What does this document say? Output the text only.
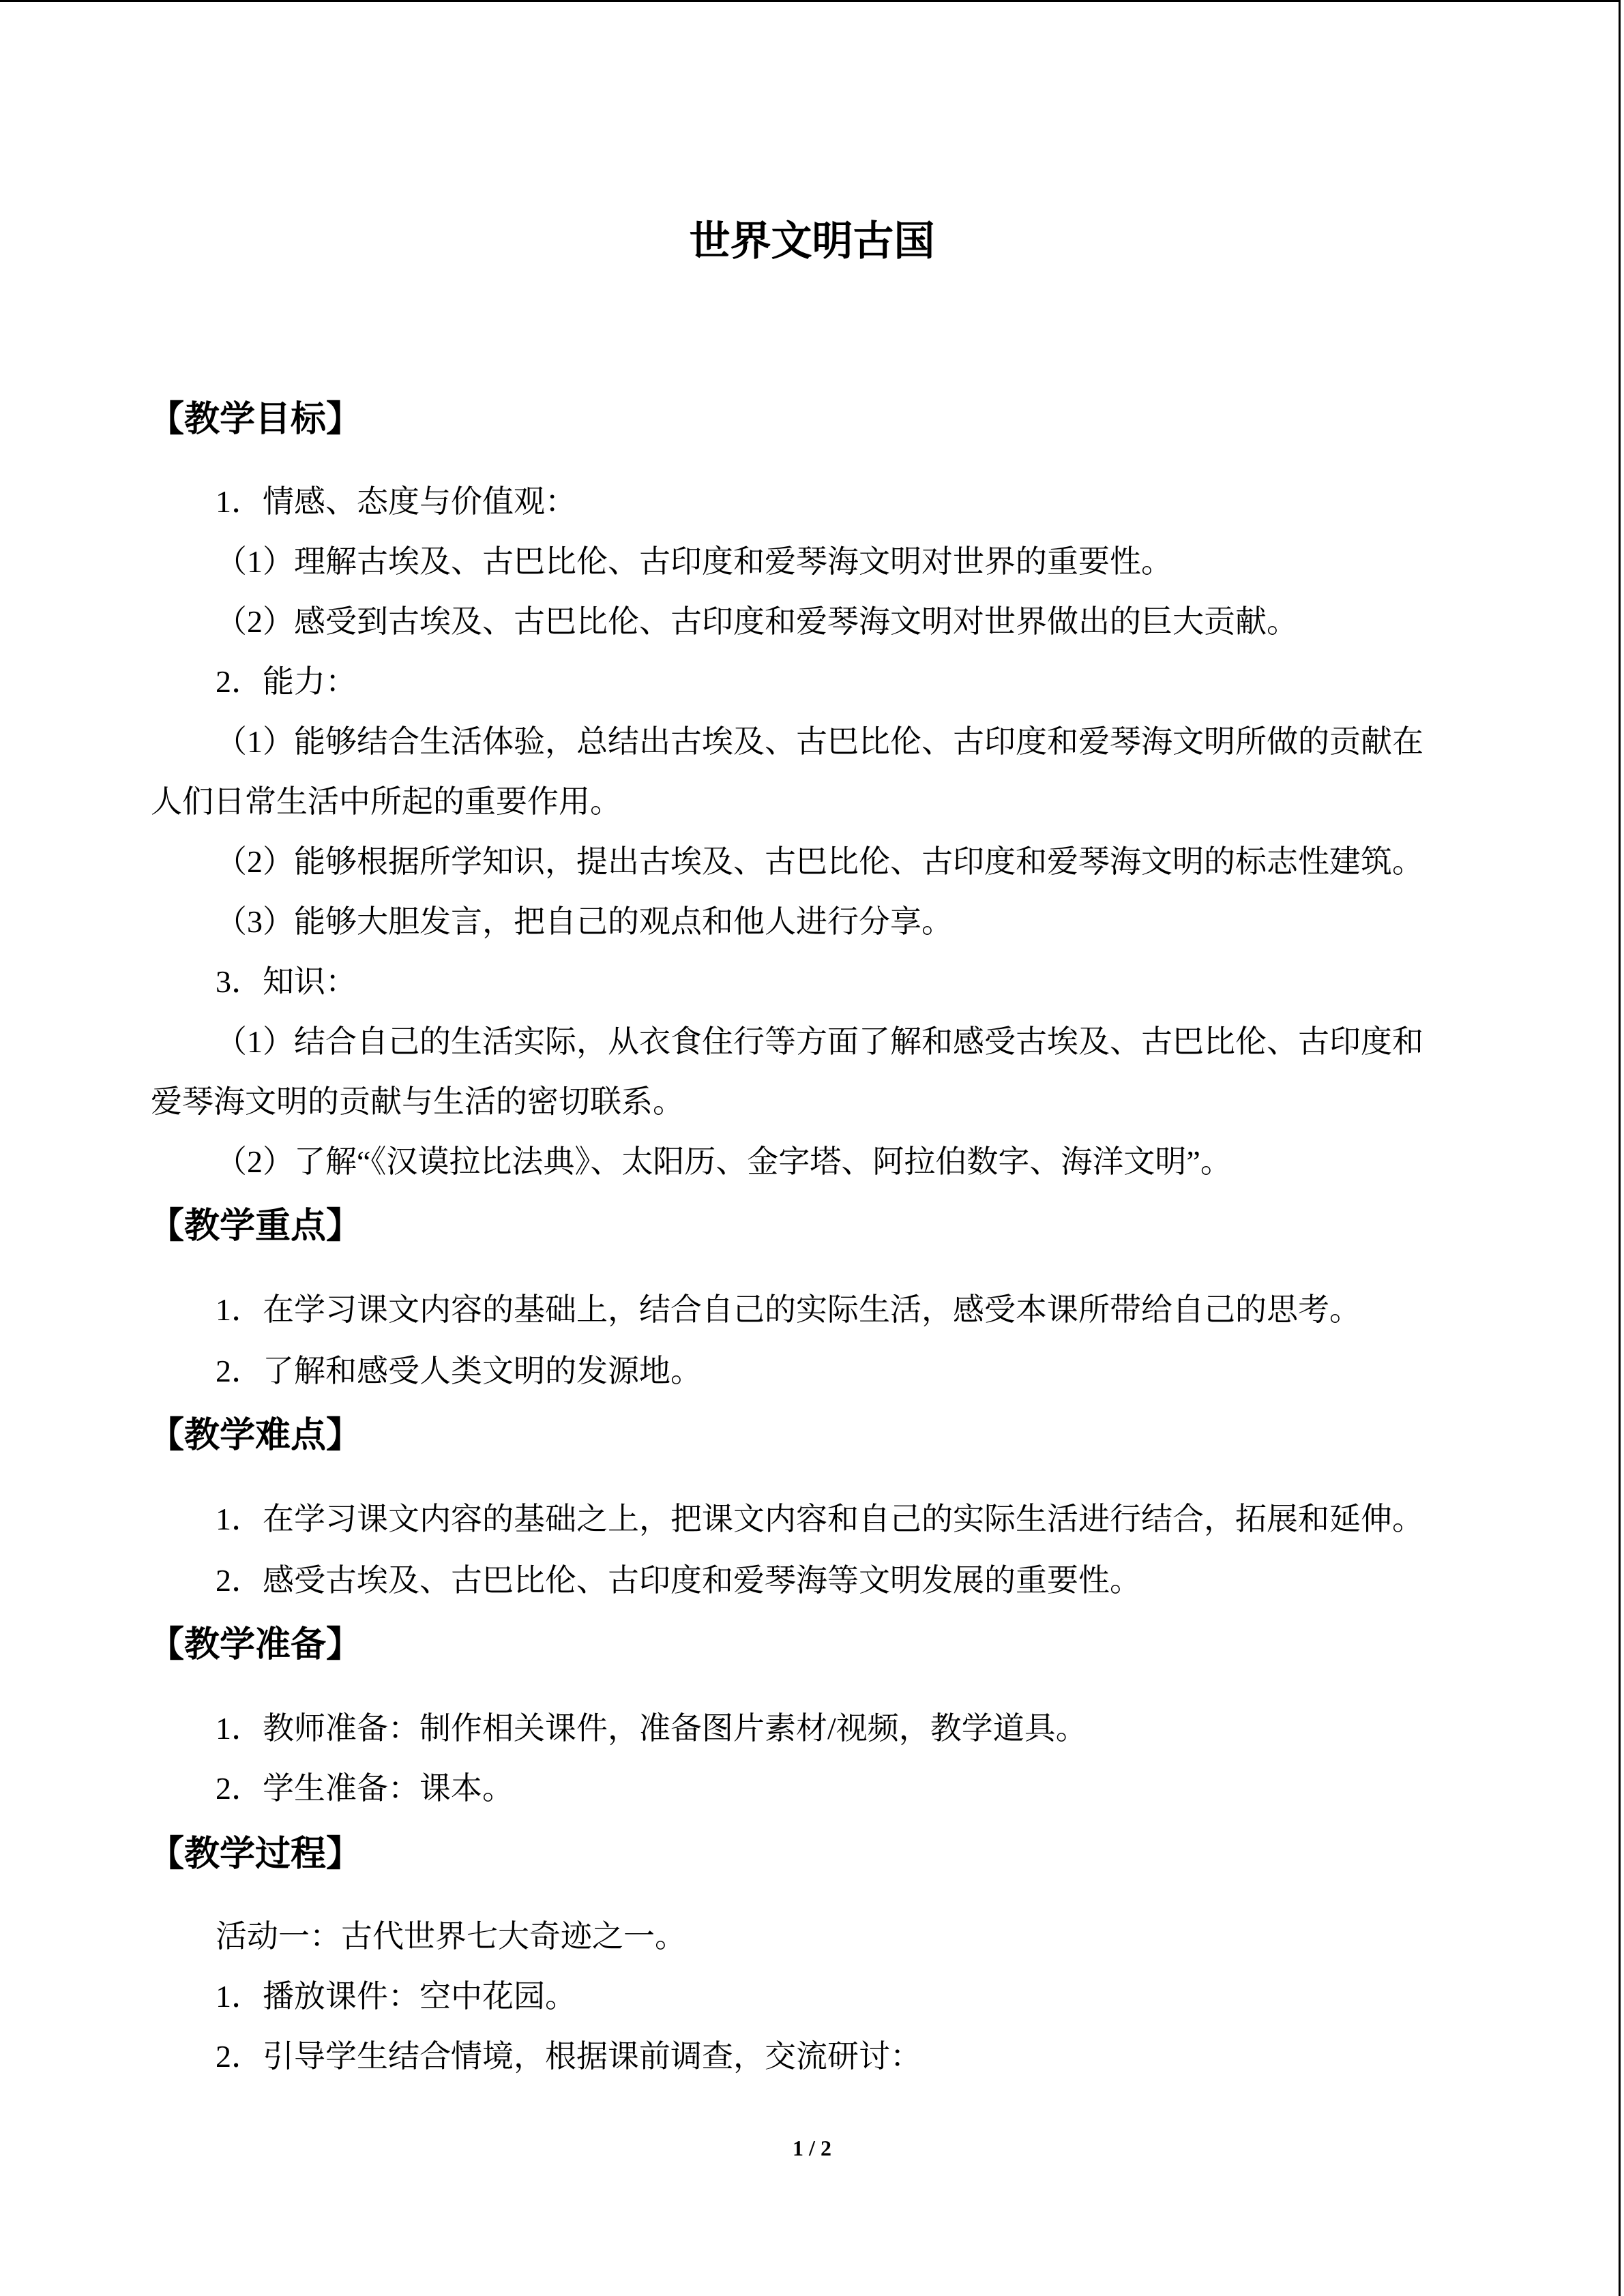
世界文明古国
【教学目标】
1．情感、态度与价值观：
（1）理解古埃及、古巴比伦、古印度和爱琴海文明对世界的重要性。
（2）感受到古埃及、古巴比伦、古印度和爱琴海文明对世界做出的巨大贡献。
2．能力：
（1）能够结合生活体验，总结出古埃及、古巴比伦、古印度和爱琴海文明所做的贡献在
人们日常生活中所起的重要作用。
（2）能够根据所学知识，提出古埃及、古巴比伦、古印度和爱琴海文明的标志性建筑。
（3）能够大胆发言，把自己的观点和他人进行分享。
3．知识：
（1）结合自己的生活实际，从衣食住行等方面了解和感受古埃及、古巴比伦、古印度和
爱琴海文明的贡献与生活的密切联系。
（2）了解“《汉谟拉比法典》、太阳历、金字塔、阿拉伯数字、海洋文明”。
【教学重点】
1．在学习课文内容的基础上，结合自己的实际生活，感受本课所带给自己的思考。
2．了解和感受人类文明的发源地。
【教学难点】
1．在学习课文内容的基础之上，把课文内容和自己的实际生活进行结合，拓展和延伸。
2．感受古埃及、古巴比伦、古印度和爱琴海等文明发展的重要性。
【教学准备】
1．教师准备：制作相关课件，准备图片素材/视频，教学道具。
2．学生准备：课本。
【教学过程】
活动一：古代世界七大奇迹之一。
1．播放课件：空中花园。
2．引导学生结合情境，根据课前调查，交流研讨：
1 / 2
